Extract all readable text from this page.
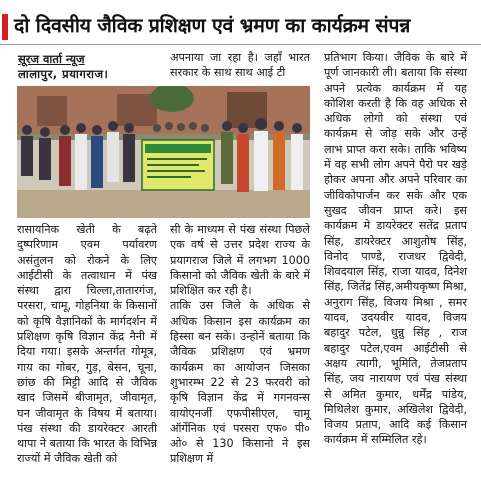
दो दिवसीय जैविक प्रशिक्षण एवं भ्रमण का कार्यक्रम संपन्न
सूरज वार्ता न्यूज
लालापुर, प्रयागराज।

रासायनिक खेती के बढ़ते दुष्परिणाम एवम पर्यावरण असंतुलन को रोकने के लिए आईटीसी के तत्वाधान में पंख संस्था द्वारा चिल्ला,तातारगंज, परसरा, चामू, गोहनिया के किसानों को कृषि वैज्ञानिकों के मार्गदर्शन में प्रशिक्षण कृषि विज्ञान केंद्र नैनी में दिया गया। इसके अन्तर्गत गोमूत्र, गाय का गोबर, गुड़, बेसन, चूना, छांछ की मिट्टी आदि से जैविक खाद जिसमें बीजामृत, जीवामृत, घन जीवामृत के विषय में बताया। पंख संस्था की डायरेक्टर आरती थापा ने बताया कि भारत के विभिन्न राज्यों में जैविक खेती को

अपनाया जा रहा है। जहाँ भारत सरकार के साथ साथ आई टी

सी के माध्यम से पंख संस्था पिछले एक वर्ष से उत्तर प्रदेश राज्य के प्रयागराज जिले में लगभग 1000 किसानो को जैविक खेती के बारे में प्रशिक्षित कर रही है।

ताकि उस जिले के अधिक से अधिक किसान इस कार्यक्रम का हिस्सा बन सके। उन्होनें बताया कि जैविक प्रशिक्षण एवं भ्रमण कार्यक्रम का आयोजन जिसका शुभारम्भ 22 से 23 फरवरी को कृषि विज्ञान केंद्र में गगनवन्स वायोएनर्जी एफपीसीएल, चामू ऑर्गेनिक एवं परसरा एफ० पी० ओ० से 130 किसानो ने इस प्रशिक्षण में

प्रतिभाग किया। जैविक के बारे में पूर्ण जानकारी ली। बताया कि संस्था अपने प्रत्येक कार्यक्रम में यह कोशिश करती है कि वह अधिक से अधिक लोगो को संस्था एवं कार्यक्रम से जोड़ सके और उन्हें लाभ प्राप्त करा सके। ताकि भविष्य में वह सभी लोग अपने पैरो पर खड़े होकर अपना और अपने परिवार का जीविकोपार्जन कर सके और एक सुखद जीवन प्राप्त करे। इस कार्यक्रम मे डायरेक्टर सतेंद्र प्रताप सिंह, डायरेक्टर आशुतोष सिंह, विनोद पाण्डे, राजधर द्विवेदी, शिवदयाल सिंह, राजा यादव, दिनेश सिंह, जितेंद्र सिंह,अमीयकृष्ण मिश्रा, अनुराग सिंह, विजय मिश्रा , समर यादव, उदयवीर यादव, विजय बहादुर पटेल, धुन्नु सिंह , राज बहादुर पटेल,एवम आईटीसी से अक्षय त्यागी, भूमिति, तेजप्रताप सिंह, जय नारायण एवं पंख संस्था से अमित कुमार, धर्मेंद्र पांडेय, मिथिलेश कुमार, अखिलेश द्विवेदी, विजय प्रताप, आदि कई किसान कार्यक्रम में सम्मिलित रहे।
